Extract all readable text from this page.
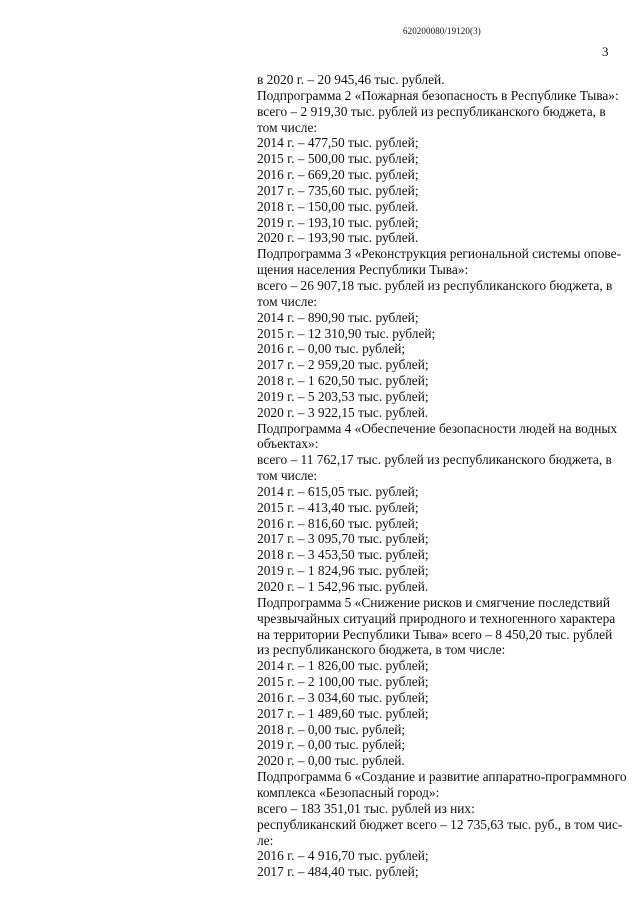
620200080/19120(3)
3
в 2020 г. – 20 945,46 тыс. рублей.
Подпрограмма 2 «Пожарная безопасность в Республике Тыва»:
всего – 2 919,30 тыс. рублей из республиканского бюджета, в
том числе:
2014 г. – 477,50 тыс. рублей;
2015 г. – 500,00 тыс. рублей;
2016 г. – 669,20 тыс. рублей;
2017 г. – 735,60 тыс. рублей;
2018 г. – 150,00 тыс. рублей.
2019 г. – 193,10 тыс. рублей;
2020 г. – 193,90 тыс. рублей.
Подпрограмма 3 «Реконструкция региональной системы опове-
щения населения Республики Тыва»:
всего – 26 907,18 тыс. рублей из республиканского бюджета, в
том числе:
2014 г. – 890,90 тыс. рублей;
2015 г. – 12 310,90 тыс. рублей;
2016 г. – 0,00 тыс. рублей;
2017 г. – 2 959,20 тыс. рублей;
2018 г. – 1 620,50 тыс. рублей;
2019 г. – 5 203,53 тыс. рублей;
2020 г. – 3 922,15 тыс. рублей.
Подпрограмма 4 «Обеспечение безопасности людей на водных
объектах»:
всего – 11 762,17 тыс. рублей из республиканского бюджета, в
том числе:
2014 г. – 615,05 тыс. рублей;
2015 г. – 413,40 тыс. рублей;
2016 г. – 816,60 тыс. рублей;
2017 г. – 3 095,70 тыс. рублей;
2018 г. – 3 453,50 тыс. рублей;
2019 г. – 1 824,96 тыс. рублей;
2020 г. – 1 542,96 тыс. рублей.
Подпрограмма 5 «Снижение рисков и смягчение последствий
чрезвычайных ситуаций природного и техногенного характера
на территории Республики Тыва» всего – 8 450,20 тыс. рублей
из республиканского бюджета, в том числе:
2014 г. – 1 826,00 тыс. рублей;
2015 г. – 2 100,00 тыс. рублей;
2016 г. – 3 034,60 тыс. рублей;
2017 г. – 1 489,60 тыс. рублей;
2018 г. – 0,00 тыс. рублей;
2019 г. – 0,00 тыс. рублей;
2020 г. – 0,00 тыс. рублей.
Подпрограмма 6 «Создание и развитие аппаратно-программного
комплекса «Безопасный город»:
всего – 183 351,01 тыс. рублей из них:
республиканский бюджет всего – 12 735,63 тыс. руб., в том чис-
ле:
2016 г. – 4 916,70 тыс. рублей;
2017 г. – 484,40 тыс. рублей;
